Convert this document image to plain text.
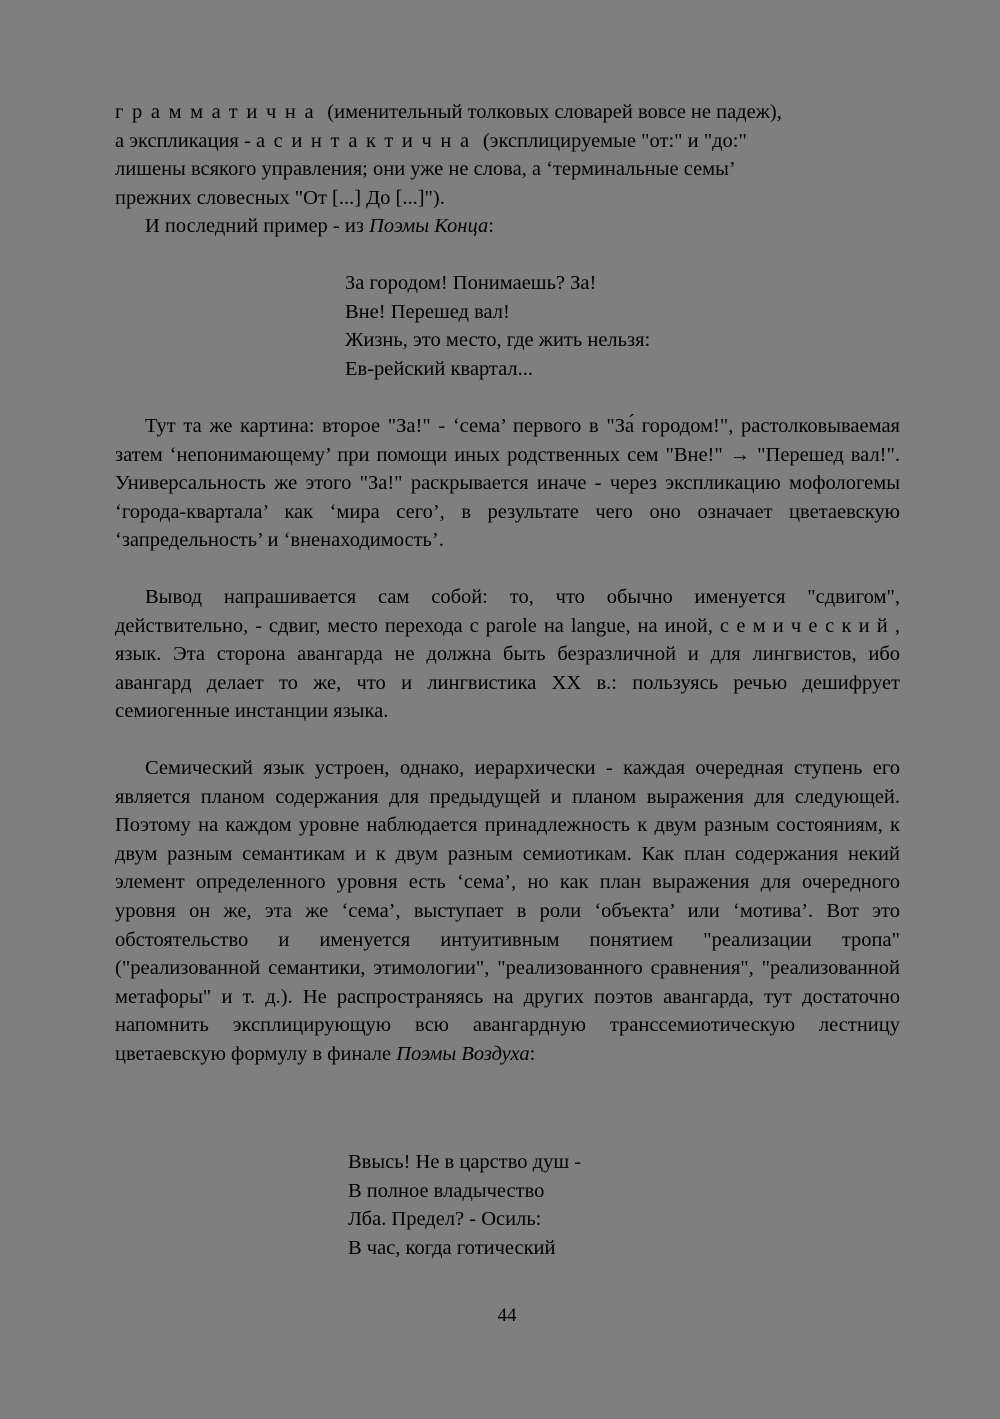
грамматична (именительный толковых словарей вовсе не падеж),

а экспликация - асинтактична (эксплицируемые "от:" и "до:"

лишены всякого управления; они уже не слова, а ‘терминальные семы’

прежних словесных "От [...] До [...]").

И последний пример - из Поэмы Конца:

За городом! Понимаешь? За!
Вне! Перешед вал!
Жизнь, это место, где жить нельзя:
Ев-рейский квартал...

Тут та же картина: второе "За!" - ‘сема’ первого в "За́ городом!", растолковываемая затем ‘непонимающему’ при помощи иных родственных сем "Вне!" → "Перешед вал!". Универсальность же этого "За!" раскрывается иначе - через экспликацию мофологемы ‘города-квартала’ как ‘мира сего’, в результате чего оно означает цветаевскую ‘запредельность’ и ‘вненаходимость’.

Вывод напрашивается сам собой: то, что обычно именуется "сдвигом", действительно, - сдвиг, место перехода с parole на langue, на иной, семический, язык. Эта сторона авангарда не должна быть безразличной и для лингвистов, ибо авангард делает то же, что и лингвистика XX в.: пользуясь речью дешифрует семиогенные инстанции языка.

Семический язык устроен, однако, иерархически - каждая очередная ступень его является планом содержания для предыдущей и планом выражения для следующей. Поэтому на каждом уровне наблюдается принадлежность к двум разным состояниям, к двум разным семантикам и к двум разным семиотикам. Как план содержания некий элемент определенного уровня есть ‘сема’, но как план выражения для очередного уровня он же, эта же ‘сема’, выступает в роли ‘объекта’ или ‘мотива’. Вот это обстоятельство и именуется интуитивным понятием "реализации тропа" ("реализованной семантики, этимологии", "реализованного сравнения", "реализованной метафоры" и т. д.). Не распространяясь на других поэтов авангарда, тут достаточно напомнить эксплицирующую всю авангардную транссемиотическую лестницу цветаевскую формулу в финале Поэмы Воздуха:

Ввысь! Не в царство душ -
В полное владычество
Лба. Предел? - Осиль:
В час, когда готический
44
